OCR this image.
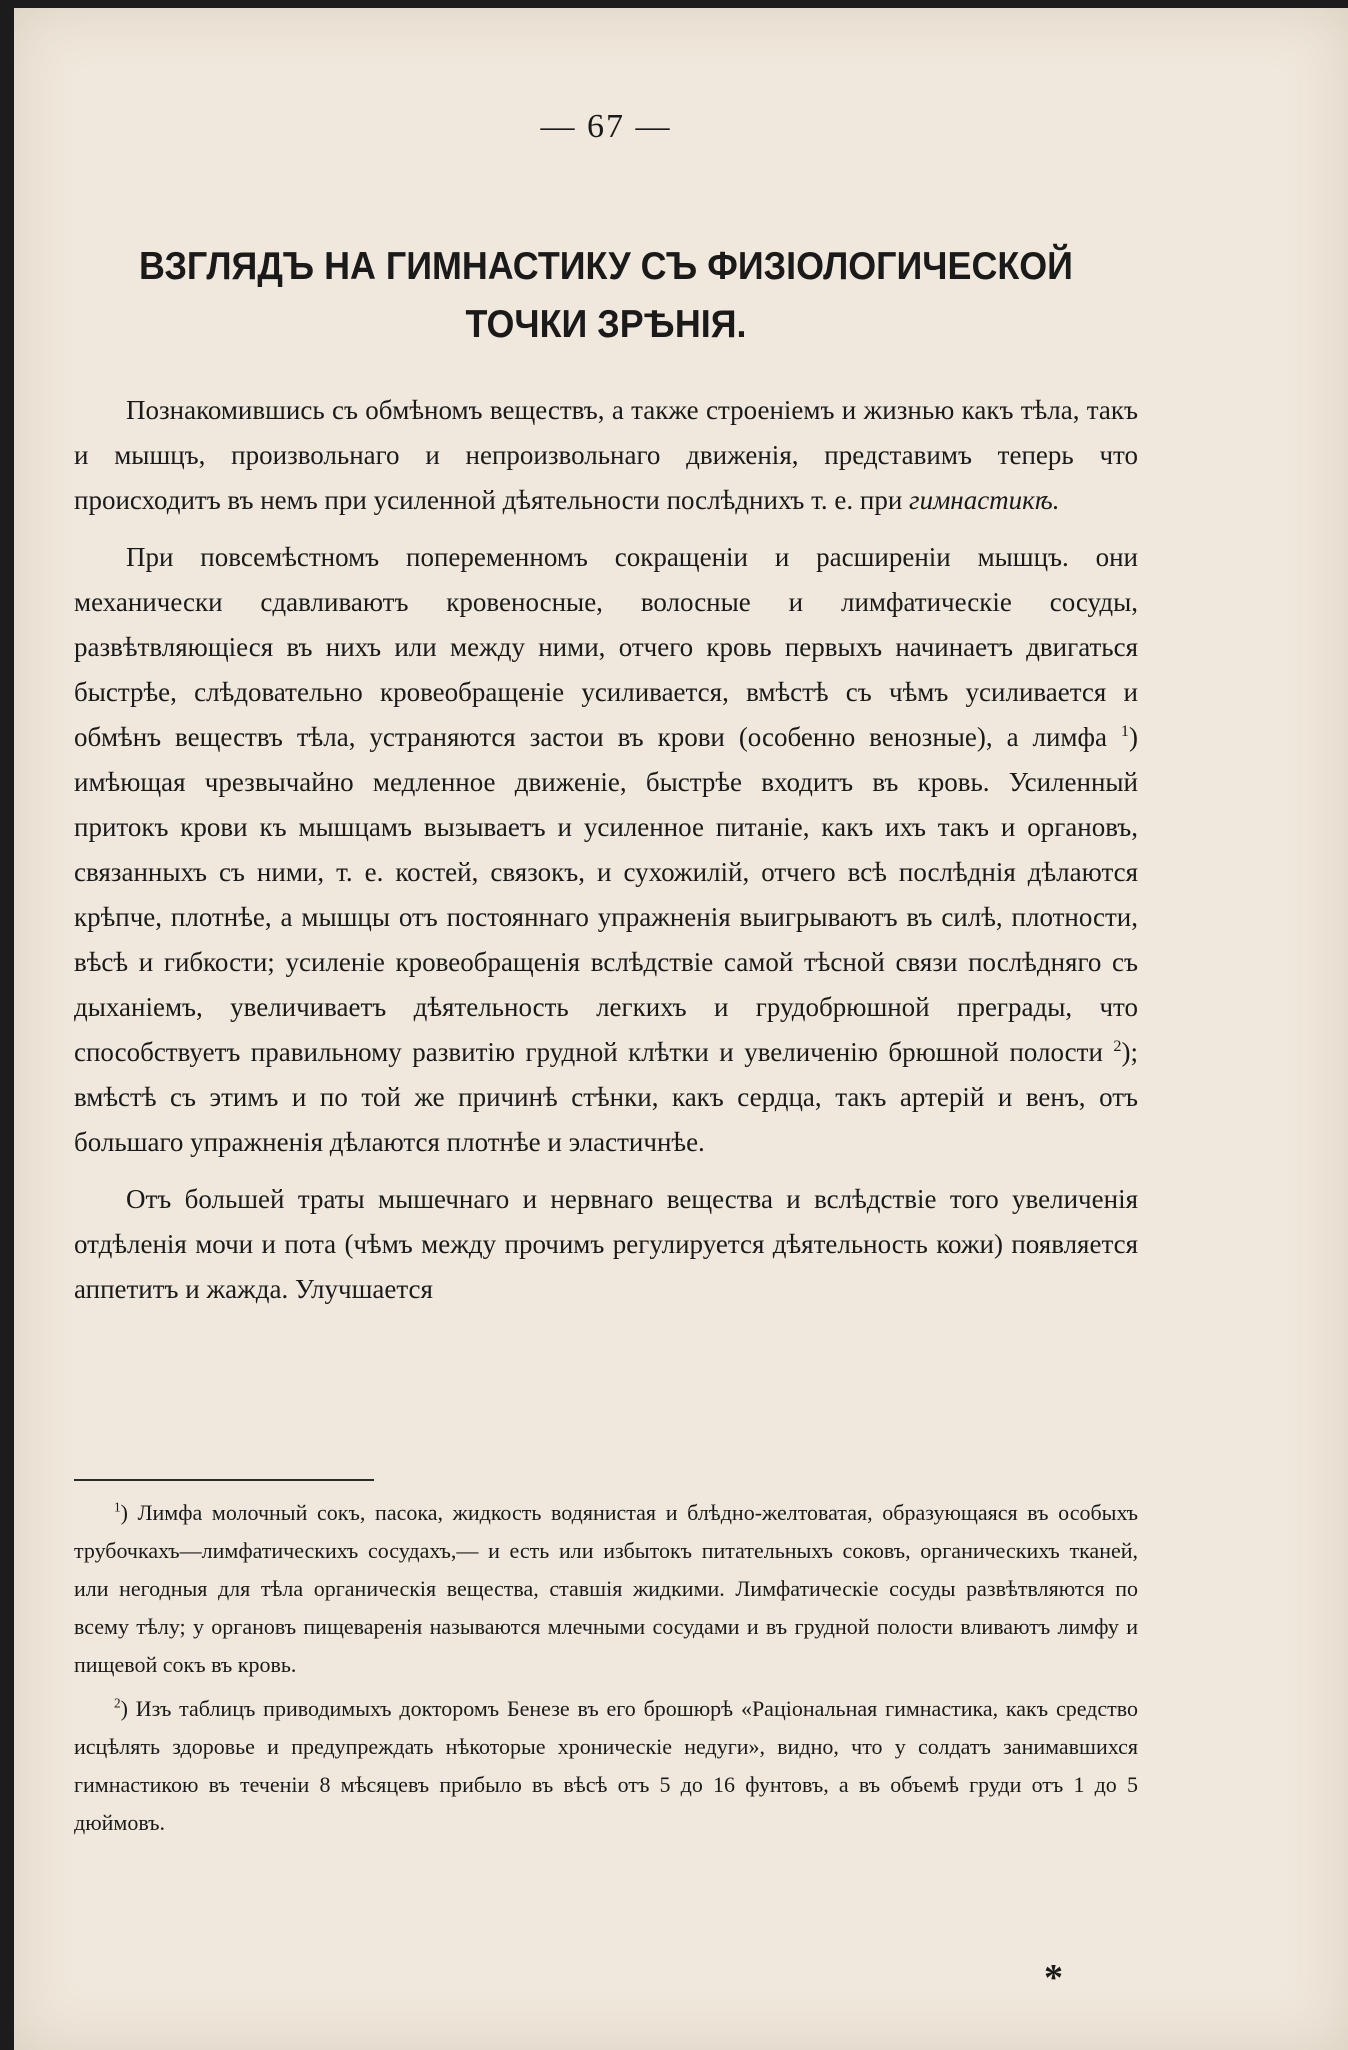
— 67 —
ВЗГЛЯДЪ НА ГИМНАСТИКУ СЪ ФИЗІОЛОГИЧЕСКОЙ
ТОЧКИ ЗРѢНІЯ.

Познакомившись съ обмѣномъ веществъ, а также строеніемъ и жизнью какъ тѣла, такъ и мышцъ, произвольнаго и непроизвольнаго движенія, представимъ теперь что происходитъ въ немъ при усиленной дѣятельности послѣднихъ т. е. при гимнастикѣ.

При повсемѣстномъ попеременномъ сокращеніи и расширеніи мышцъ. они механически сдавливаютъ кровеносные, волосные и лимфатическіе сосуды, развѣтвляющіеся въ нихъ или между ними, отчего кровь первыхъ начинаетъ двигаться быстрѣе, слѣдовательно кровеобращеніе усиливается, вмѣстѣ съ чѣмъ усиливается и обмѣнъ веществъ тѣла, устраняются застои въ крови (особенно венозные), а лимфа $^1$) имѣющая чрезвычайно медленное движеніе, быстрѣе входитъ въ кровь. Усиленный притокъ крови къ мышцамъ вызываетъ и усиленное питаніе, какъ ихъ такъ и органовъ, связанныхъ съ ними, т. е. костей, связокъ, и сухожилій, отчего всѣ послѣднія дѣлаются крѣпче, плотнѣе, а мышцы отъ постояннаго упражненія выигрываютъ въ силѣ, плотности, вѣсѣ и гибкости; усиленіе кровеобращенія вслѣдствіе самой тѣсной связи послѣдняго съ дыханіемъ, увеличиваетъ дѣятельность легкихъ и грудобрюшной преграды, что способствуетъ правильному развитію грудной клѣтки и увеличенію брюшной полости $^2$); вмѣстѣ съ этимъ и по той же причинѣ стѣнки, какъ сердца, такъ артерій и венъ, отъ большаго упражненія дѣлаются плотнѣе и эластичнѣе.

Отъ большей траты мышечнаго и нервнаго вещества и вслѣдствіе того увеличенія отдѣленія мочи и пота (чѣмъ между прочимъ регулируется дѣятельность кожи) появляется аппетитъ и жажда. Улучшается

$^1$) Лимфа молочный сокъ, пасока, жидкость водянистая и блѣдно-желтоватая, образующаяся въ особыхъ трубочкахъ—лимфатическихъ сосудахъ,— и есть или избытокъ питательныхъ соковъ, органическихъ тканей, или негодныя для тѣла органическія вещества, ставшія жидкими. Лимфатическіе сосуды развѣтвляются по всему тѣлу; у органовъ пищеваренія называются млечными сосудами и въ грудной полости вливаютъ лимфу и пищевой сокъ въ кровь.

$^2$) Изъ таблицъ приводимыхъ докторомъ Бенезе въ его брошюрѣ «Раціональная гимнастика, какъ средство исцѣлять здоровье и предупреждать нѣкоторые хроническіе недуги», видно, что у солдатъ занимавшихся гимнастикою въ теченіи 8 мѣсяцевъ прибыло въ вѣсѣ отъ 5 до 16 фунтовъ, а въ объемѣ груди отъ 1 до 5 дюймовъ.

*
